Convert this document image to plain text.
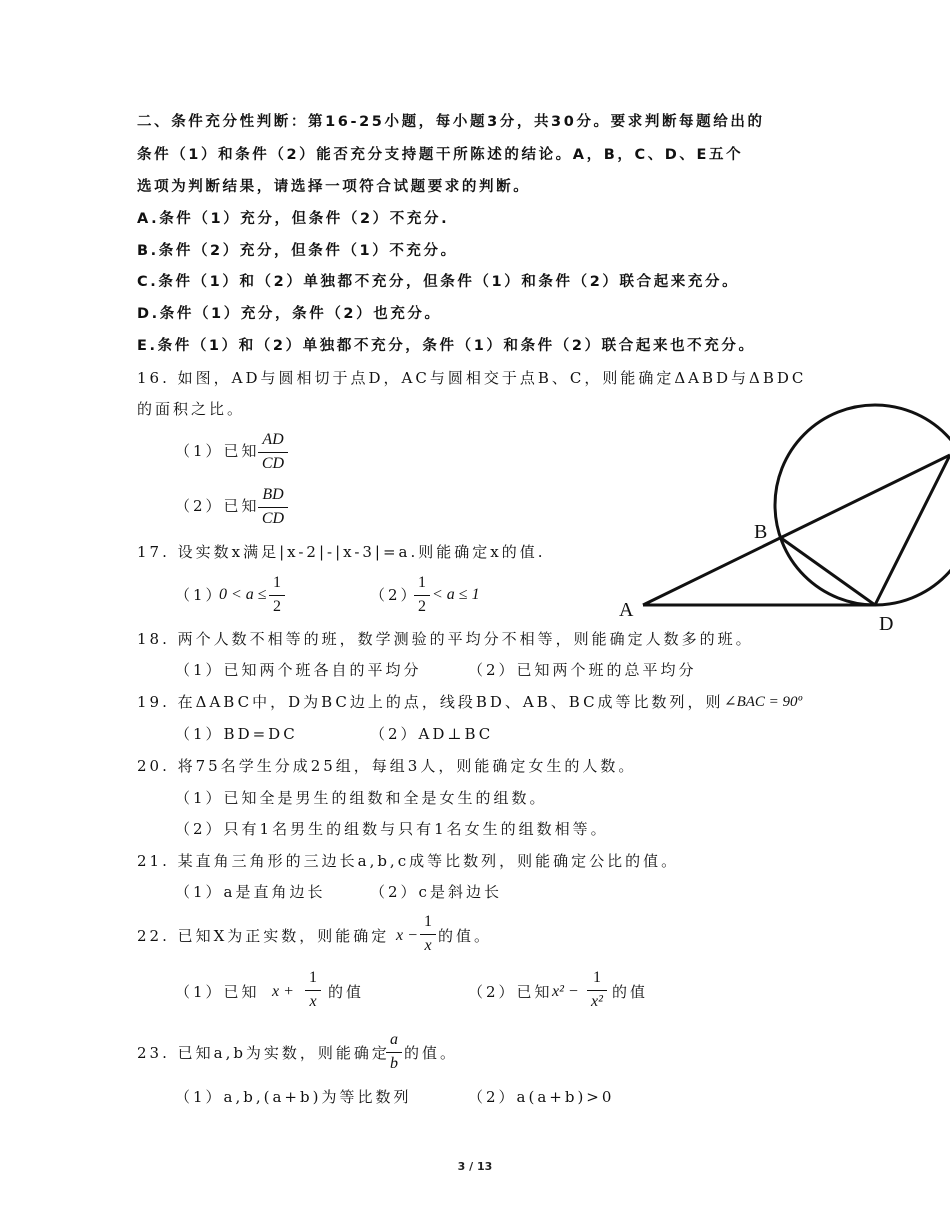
二、条件充分性判断：第16-25小题，每小题3分，共30分。要求判断每题给出的
条件（1）和条件（2）能否充分支持题干所陈述的结论。A，B，C、D、E五个
选项为判断结果，请选择一项符合试题要求的判断。
A.条件（1）充分，但条件（2）不充分.
B.条件（2）充分，但条件（1）不充分。
C.条件（1）和（2）单独都不充分，但条件（1）和条件（2）联合起来充分。
D.条件（1）充分，条件（2）也充分。
E.条件（1）和（2）单独都不充分，条件（1）和条件（2）联合起来也不充分。
16. 如图，AD与圆相切于点D，AC与圆相交于点B、C，则能确定ΔABD与ΔBDC
的面积之比。
（1）已知
AD
CD
（2）已知
BD
CD
A
B
D
17. 设实数x满足|x-2|-|x-3|=a.则能确定x的值.
（1）
0 < a ≤
1
2
（2）
1
2
< a ≤ 1
18. 两个人数不相等的班，数学测验的平均分不相等，则能确定人数多的班。
（1）已知两个班各自的平均分	（2）已知两个班的总平均分
19. 在ΔABC中，D为BC边上的点，线段BD、AB、BC成等比数列，则 ∠BAC = 90º
（1）BD=DC	（2）AD⊥BC
20. 将75名学生分成25组，每组3人，则能确定女生的人数。
（1）已知全是男生的组数和全是女生的组数。
（2）只有1名男生的组数与只有1名女生的组数相等。
21. 某直角三角形的三边长a,b,c成等比数列，则能确定公比的值。
（1）a是直角边长	（2）c是斜边长
22. 已知X为正实数，则能确定 x −
1
x
的值。
（1）已知 x +
1
x
的值	（2）已知 x² −
1
x²
的值
23. 已知a,b为实数，则能确定
a
b
的值。
（1）a,b,(a+b)为等比数列	（2）a(a+b)>0
3 / 13
